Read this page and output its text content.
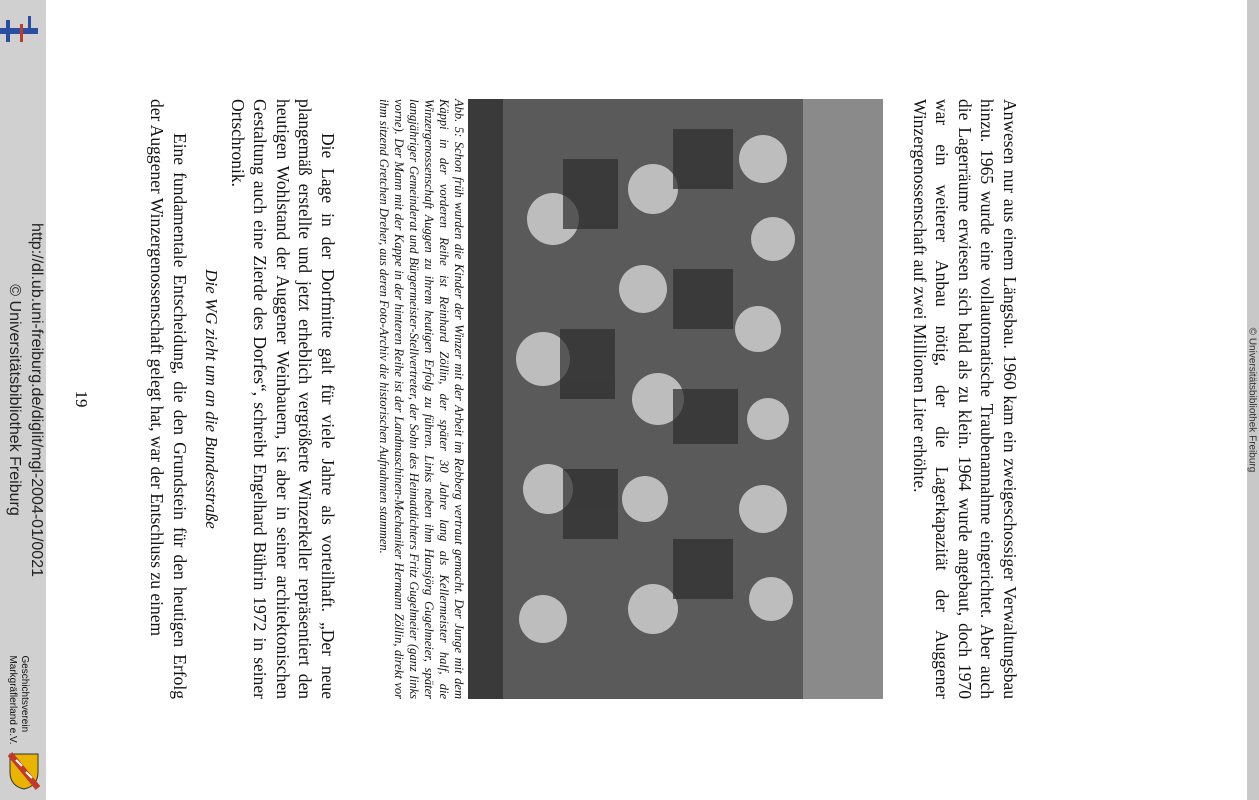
http://dl.ub.uni-freiburg.de/diglit/mgl-2004-01/0021
© Universitätsbibliothek Freiburg
Geschichtsverein
Markgräflerland e.V.
© Universitätsbibliothek Freiburg

Anwesen nur aus einem Längsbau. 1960 kam ein zweigeschossiger Verwaltungsbau hinzu. 1965 wurde eine vollautomatische Traubenannahme eingerichtet. Aber auch die Lagerräume erwiesen sich bald als zu klein. 1964 wurde angebaut, doch 1970 war ein weiterer Anbau nötig, der die Lagerkapazität der Auggener Winzergenossenschaft auf zwei Millionen Liter erhöhte.

Abb. 5: Schon früh wurden die Kinder der Winzer mit der Arbeit im Rebberg vertraut gemacht. Der Junge mit dem Käppi in der vorderen Reihe ist Reinhard Zöllin, der später 30 Jahre lang als Kellermeister half, die Winzergenossenschaft Auggen zu ihrem heutigen Erfolg zu führen. Links neben ihm Hansjörg Gugelmeier, später langjähriger Gemeinderat und Bürgermeister-Stellvertreter, der Sohn des Heimatdichters Fritz Gugelmeier (ganz links vorne). Der Mann mit der Kappe in der hinteren Reihe ist der Landmaschinen-Mechaniker Hermann Zöllin, direkt vor ihm sitzend Gretchen Dreher, aus deren Foto-Archiv die historischen Aufnahmen stammen.

Die Lage in der Dorfmitte galt für viele Jahre als vorteilhaft. „Der neue plangemäß erstellte und jetzt erheblich vergrößerte Winzerkeller repräsentiert den heutigen Wohlstand der Auggener Weinbauern, ist aber in seiner architektonischen Gestaltung auch eine Zierde des Dorfes“, schreibt Engelhard Bührin 1972 in seiner Ortschronik.

Die WG zieht um an die Bundesstraße

Eine fundamentale Entscheidung, die den Grundstein für den heutigen Erfolg der Auggener Winzergenossenschaft gelegt hat, war der Entschluss zu einem

19
